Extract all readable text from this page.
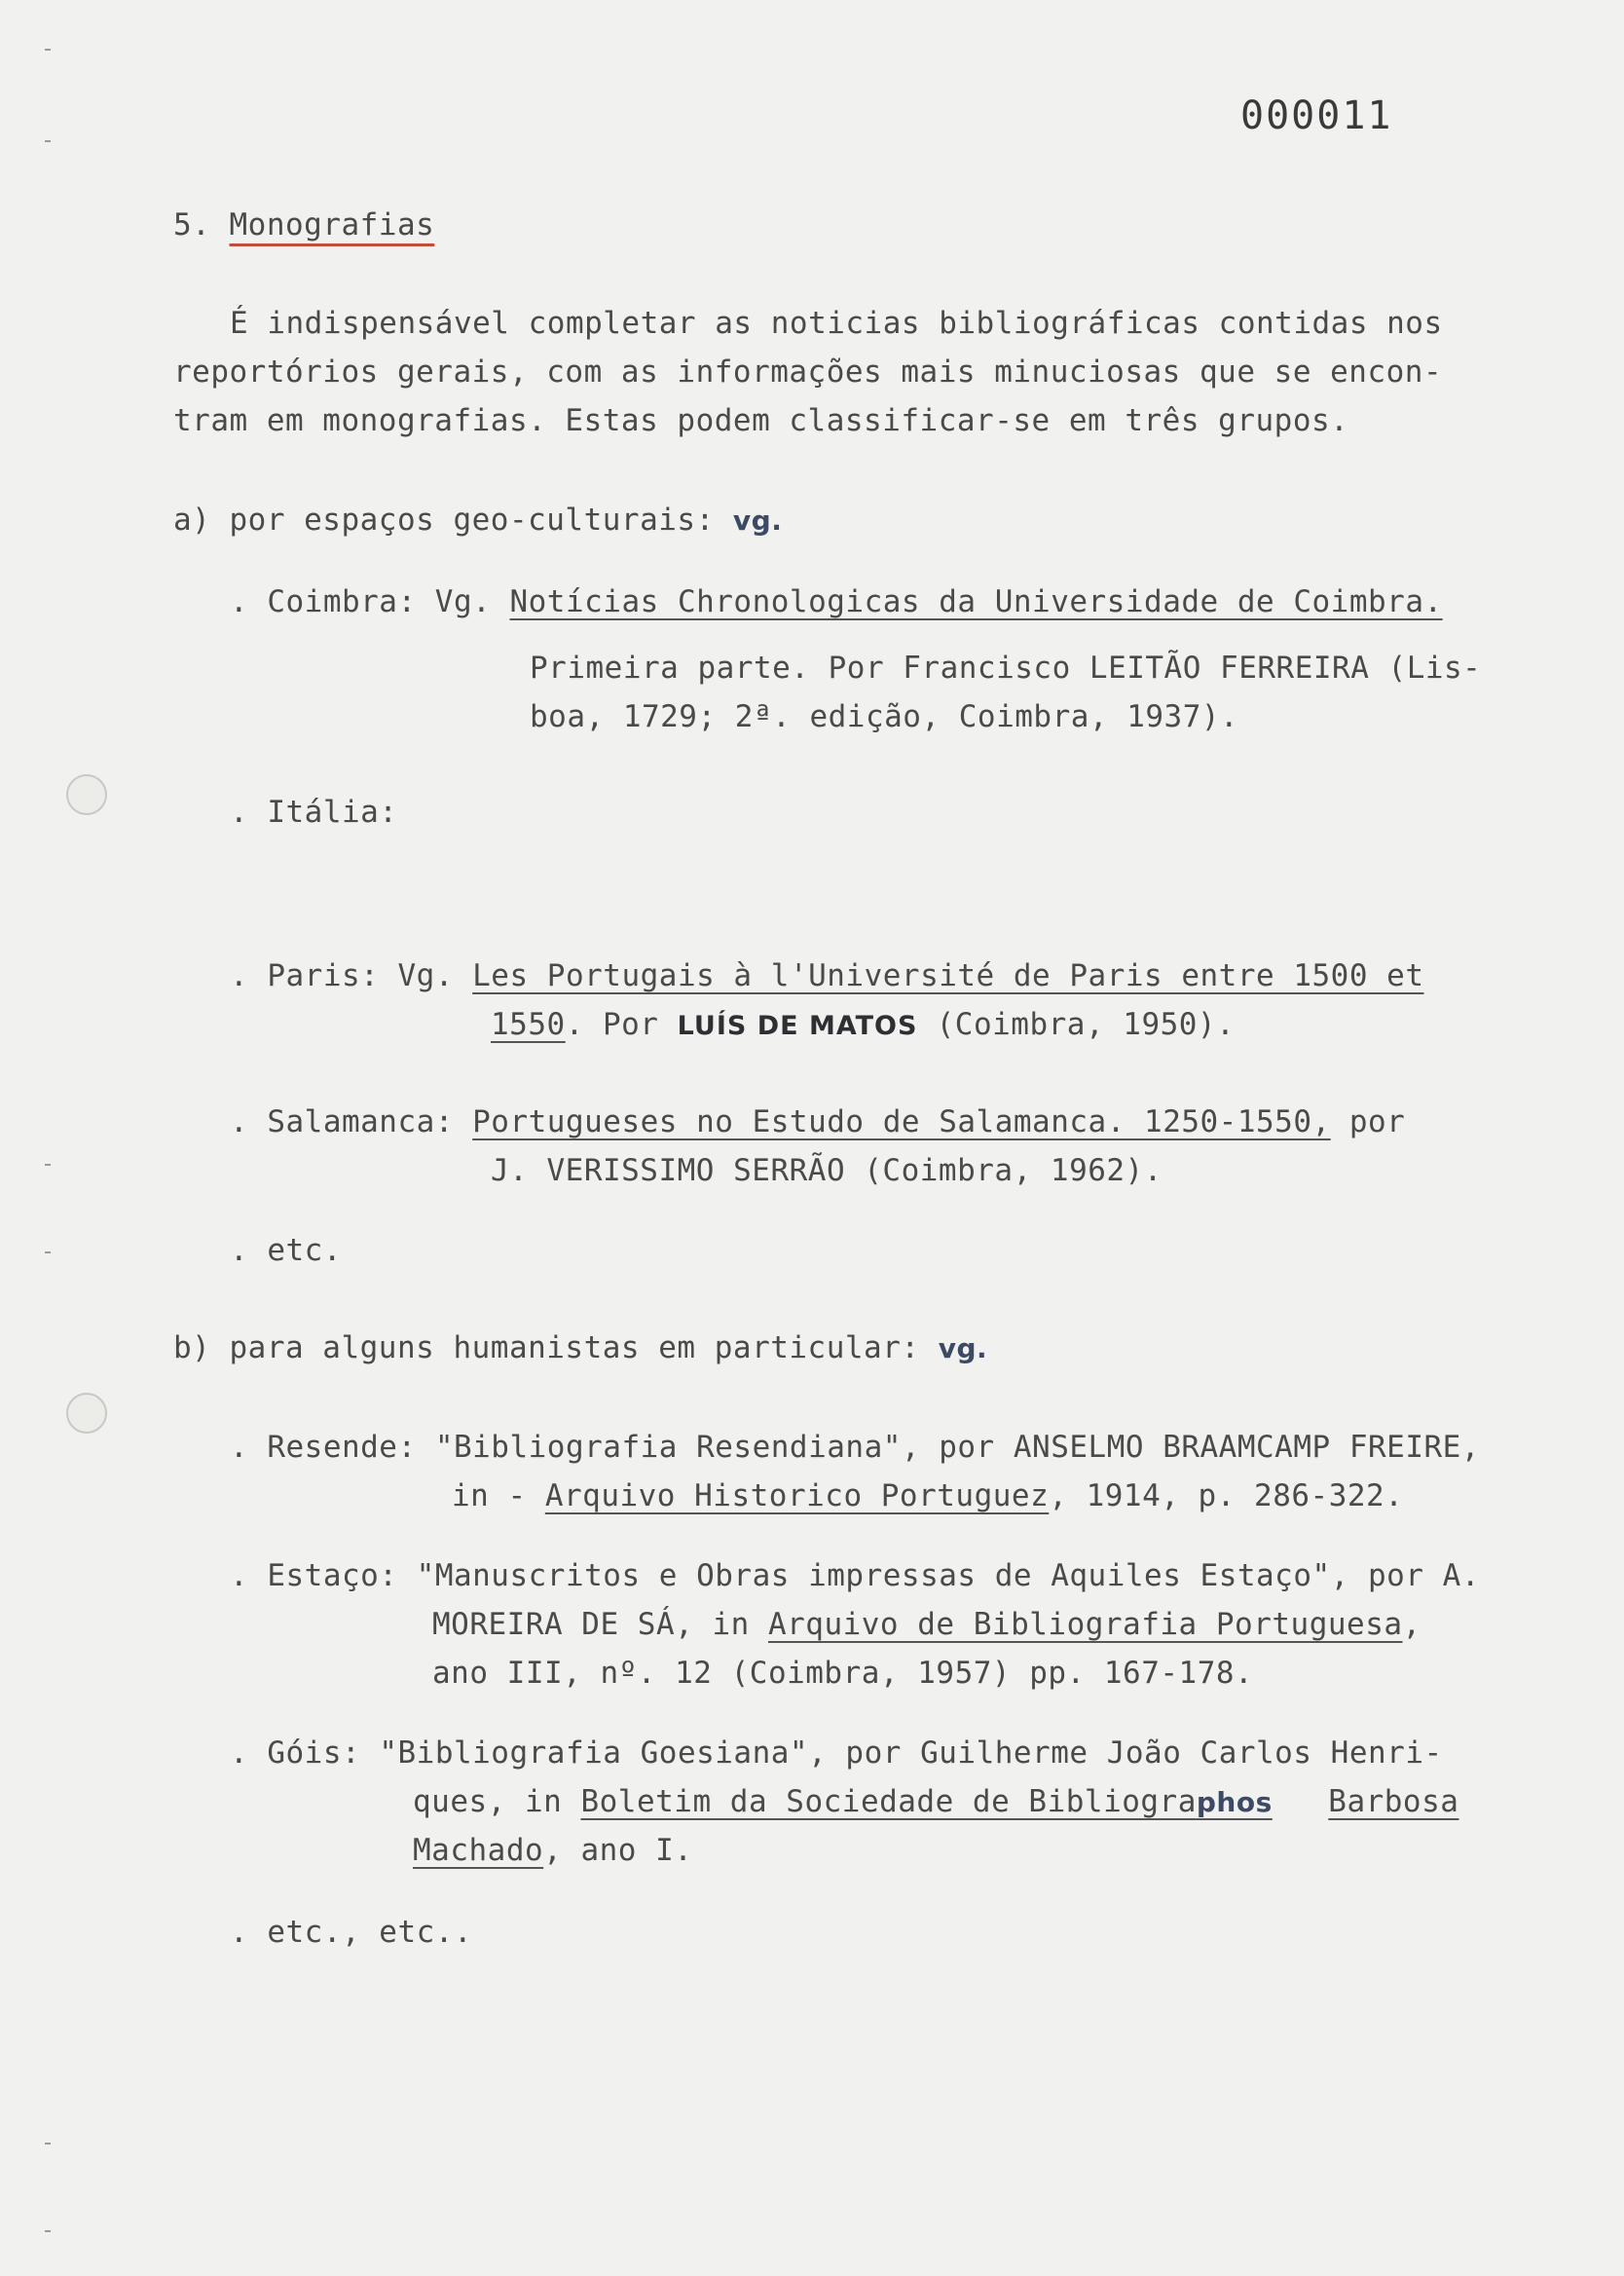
000011
5. Monografias
É indispensável completar as noticias bibliográficas contidas nos
reportórios gerais, com as informações mais minuciosas que se encon-
tram em monografias. Estas podem classificar-se em três grupos.
a) por espaços geo-culturais: vg.
. Coimbra: Vg. Notícias Chronologicas da Universidade de Coimbra.
Primeira parte. Por Francisco LEITÃO FERREIRA (Lis-
boa, 1729; 2ª. edição, Coimbra, 1937).
. Itália:
. Paris: Vg. Les Portugais à l'Université de Paris entre 1500 et
1550. Por LUÍS DE MATOS (Coimbra, 1950).
. Salamanca: Portugueses no Estudo de Salamanca. 1250-1550, por
J. VERISSIMO SERRÃO (Coimbra, 1962).
. etc.
b) para alguns humanistas em particular: vg.
. Resende: "Bibliografia Resendiana", por ANSELMO BRAAMCAMP FREIRE,
in - Arquivo Historico Portuguez, 1914, p. 286-322.
. Estaço: "Manuscritos e Obras impressas de Aquiles Estaço", por A.
MOREIRA DE SÁ, in Arquivo de Bibliografia Portuguesa,
ano III, nº. 12 (Coimbra, 1957) pp. 167-178.
. Góis: "Bibliografia Goesiana", por Guilherme João Carlos Henri-
ques, in Boletim da Sociedade de Bibliographos Barbosa
Machado, ano I.
. etc., etc..
